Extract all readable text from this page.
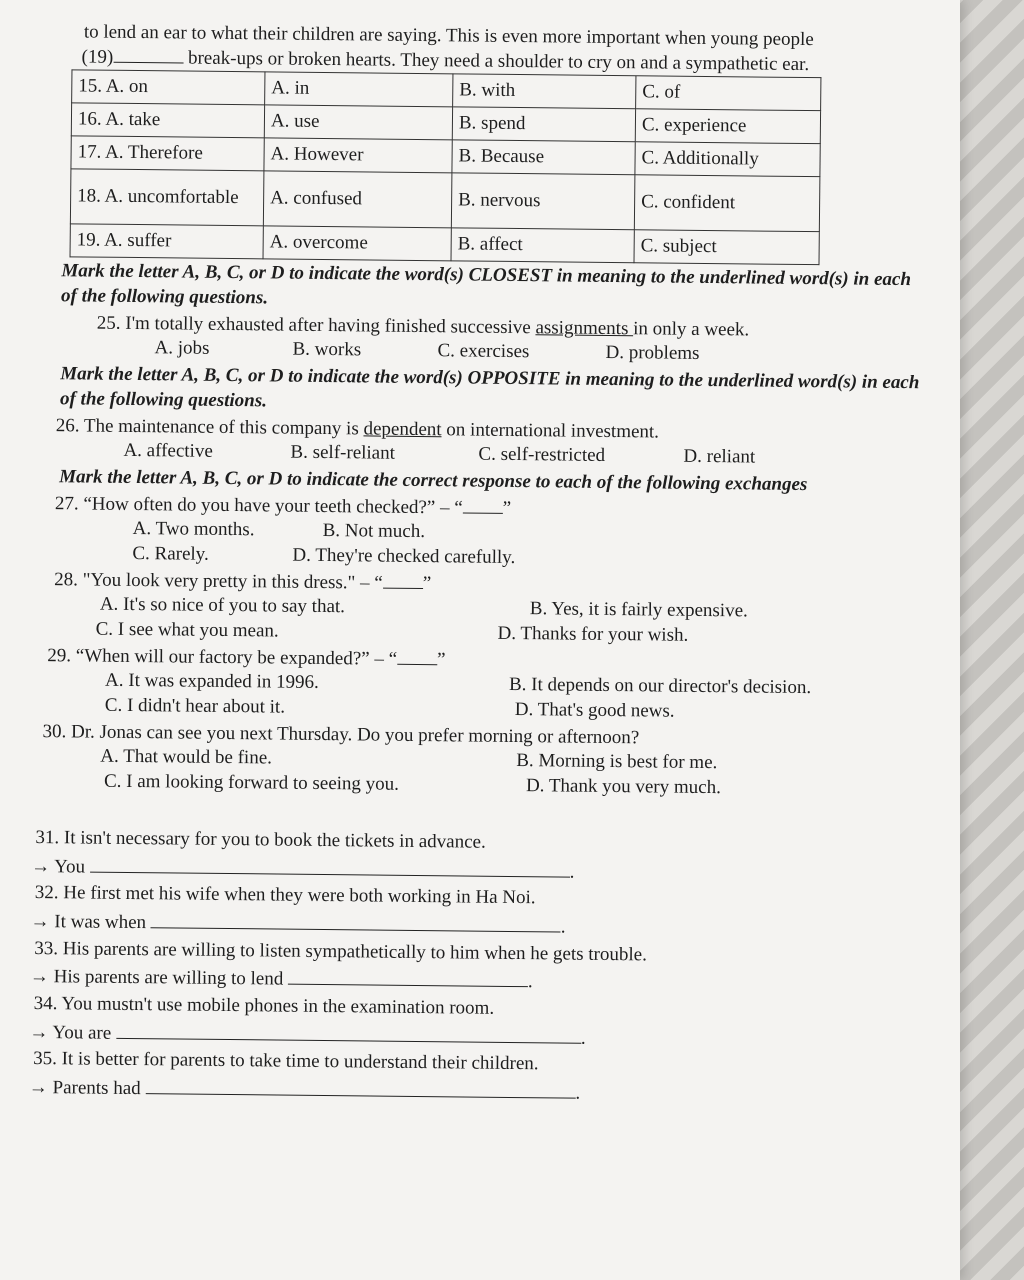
to lend an ear to what their children are saying. This is even more important when young people

(19)	break-ups or broken hearts. They need a shoulder to cry on and a sympathetic ear.

15. A. on	A. in	B. with	C. of
16. A. take	A. use	B. spend	C. experience
17. A. Therefore	A. However	B. Because	C. Additionally
18. A. uncomfortable	A. confused	B. nervous	C. confident
19. A. suffer	A. overcome	B. affect	C. subject

Mark the letter A, B, C, or D to indicate the word(s) CLOSEST in meaning to the underlined word(s) in each of the following questions.

25. I'm totally exhausted after having finished successive assignments in only a week.

A. jobs	B. works	C. exercises	D. problems

Mark the letter A, B, C, or D to indicate the word(s) OPPOSITE in meaning to the underlined word(s) in each of the following questions.

26. The maintenance of this company is dependent on international investment.

A. affective	B. self-reliant	C. self-restricted	D. reliant

Mark the letter A, B, C, or D to indicate the correct response to each of the following exchanges

27. “How often do you have your teeth checked?” – “ ”

A. Two months.	B. Not much.
C. Rarely.	D. They're checked carefully.

28. "You look very pretty in this dress." – “ ”

A. It's so nice of you to say that.	B. Yes, it is fairly expensive.
C. I see what you mean.	D. Thanks for your wish.

29. “When will our factory be expanded?” – “ ”

A. It was expanded in 1996.	B. It depends on our director's decision.
C. I didn't hear about it.	D. That's good news.

30. Dr. Jonas can see you next Thursday. Do you prefer morning or afternoon?

A. That would be fine.	B. Morning is best for me.
C. I am looking forward to seeing you.	D. Thank you very much.

31. It isn't necessary for you to book the tickets in advance.

→ You	.

32. He first met his wife when they were both working in Ha Noi.

→ It was when	.

33. His parents are willing to listen sympathetically to him when he gets trouble.

→ His parents are willing to lend	.

34. You mustn't use mobile phones in the examination room.

→ You are	.

35. It is better for parents to take time to understand their children.

→ Parents had	.
